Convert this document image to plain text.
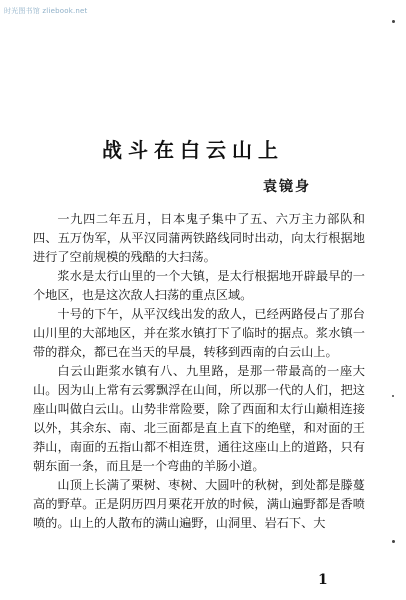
时光图书馆 zliebook.net
战斗在白云山上
袁镜身

一九四二年五月，日本鬼子集中了五、六万主力部队和四、五万伪军，从平汉同蒲两铁路线同时出动，向太行根据地进行了空前规模的残酷的大扫荡。

浆水是太行山里的一个大镇，是太行根据地开辟最早的一个地区，也是这次敌人扫荡的重点区域。

十号的下午，从平汉线出发的敌人，已经两路侵占了那台山川里的大部地区，并在浆水镇打下了临时的据点。浆水镇一带的群众，都已在当天的早晨，转移到西南的白云山上。

白云山距浆水镇有八、九里路，是那一带最高的一座大山。因为山上常有云雾飘浮在山间，所以那一代的人们，把这座山叫做白云山。山势非常险要，除了西面和太行山巅相连接以外，其余东、南、北三面都是直上直下的绝壁，和对面的王莽山，南面的五指山都不相连贯，通往这座山上的道路，只有朝东面一条，而且是一个弯曲的羊肠小道。

山顶上长满了栗树、枣树、大圆叶的秋树，到处都是滕蔓高的野草。正是阴历四月栗花开放的时候，满山遍野都是香喷喷的。山上的人散布的满山遍野，山洞里、岩石下、大

1
